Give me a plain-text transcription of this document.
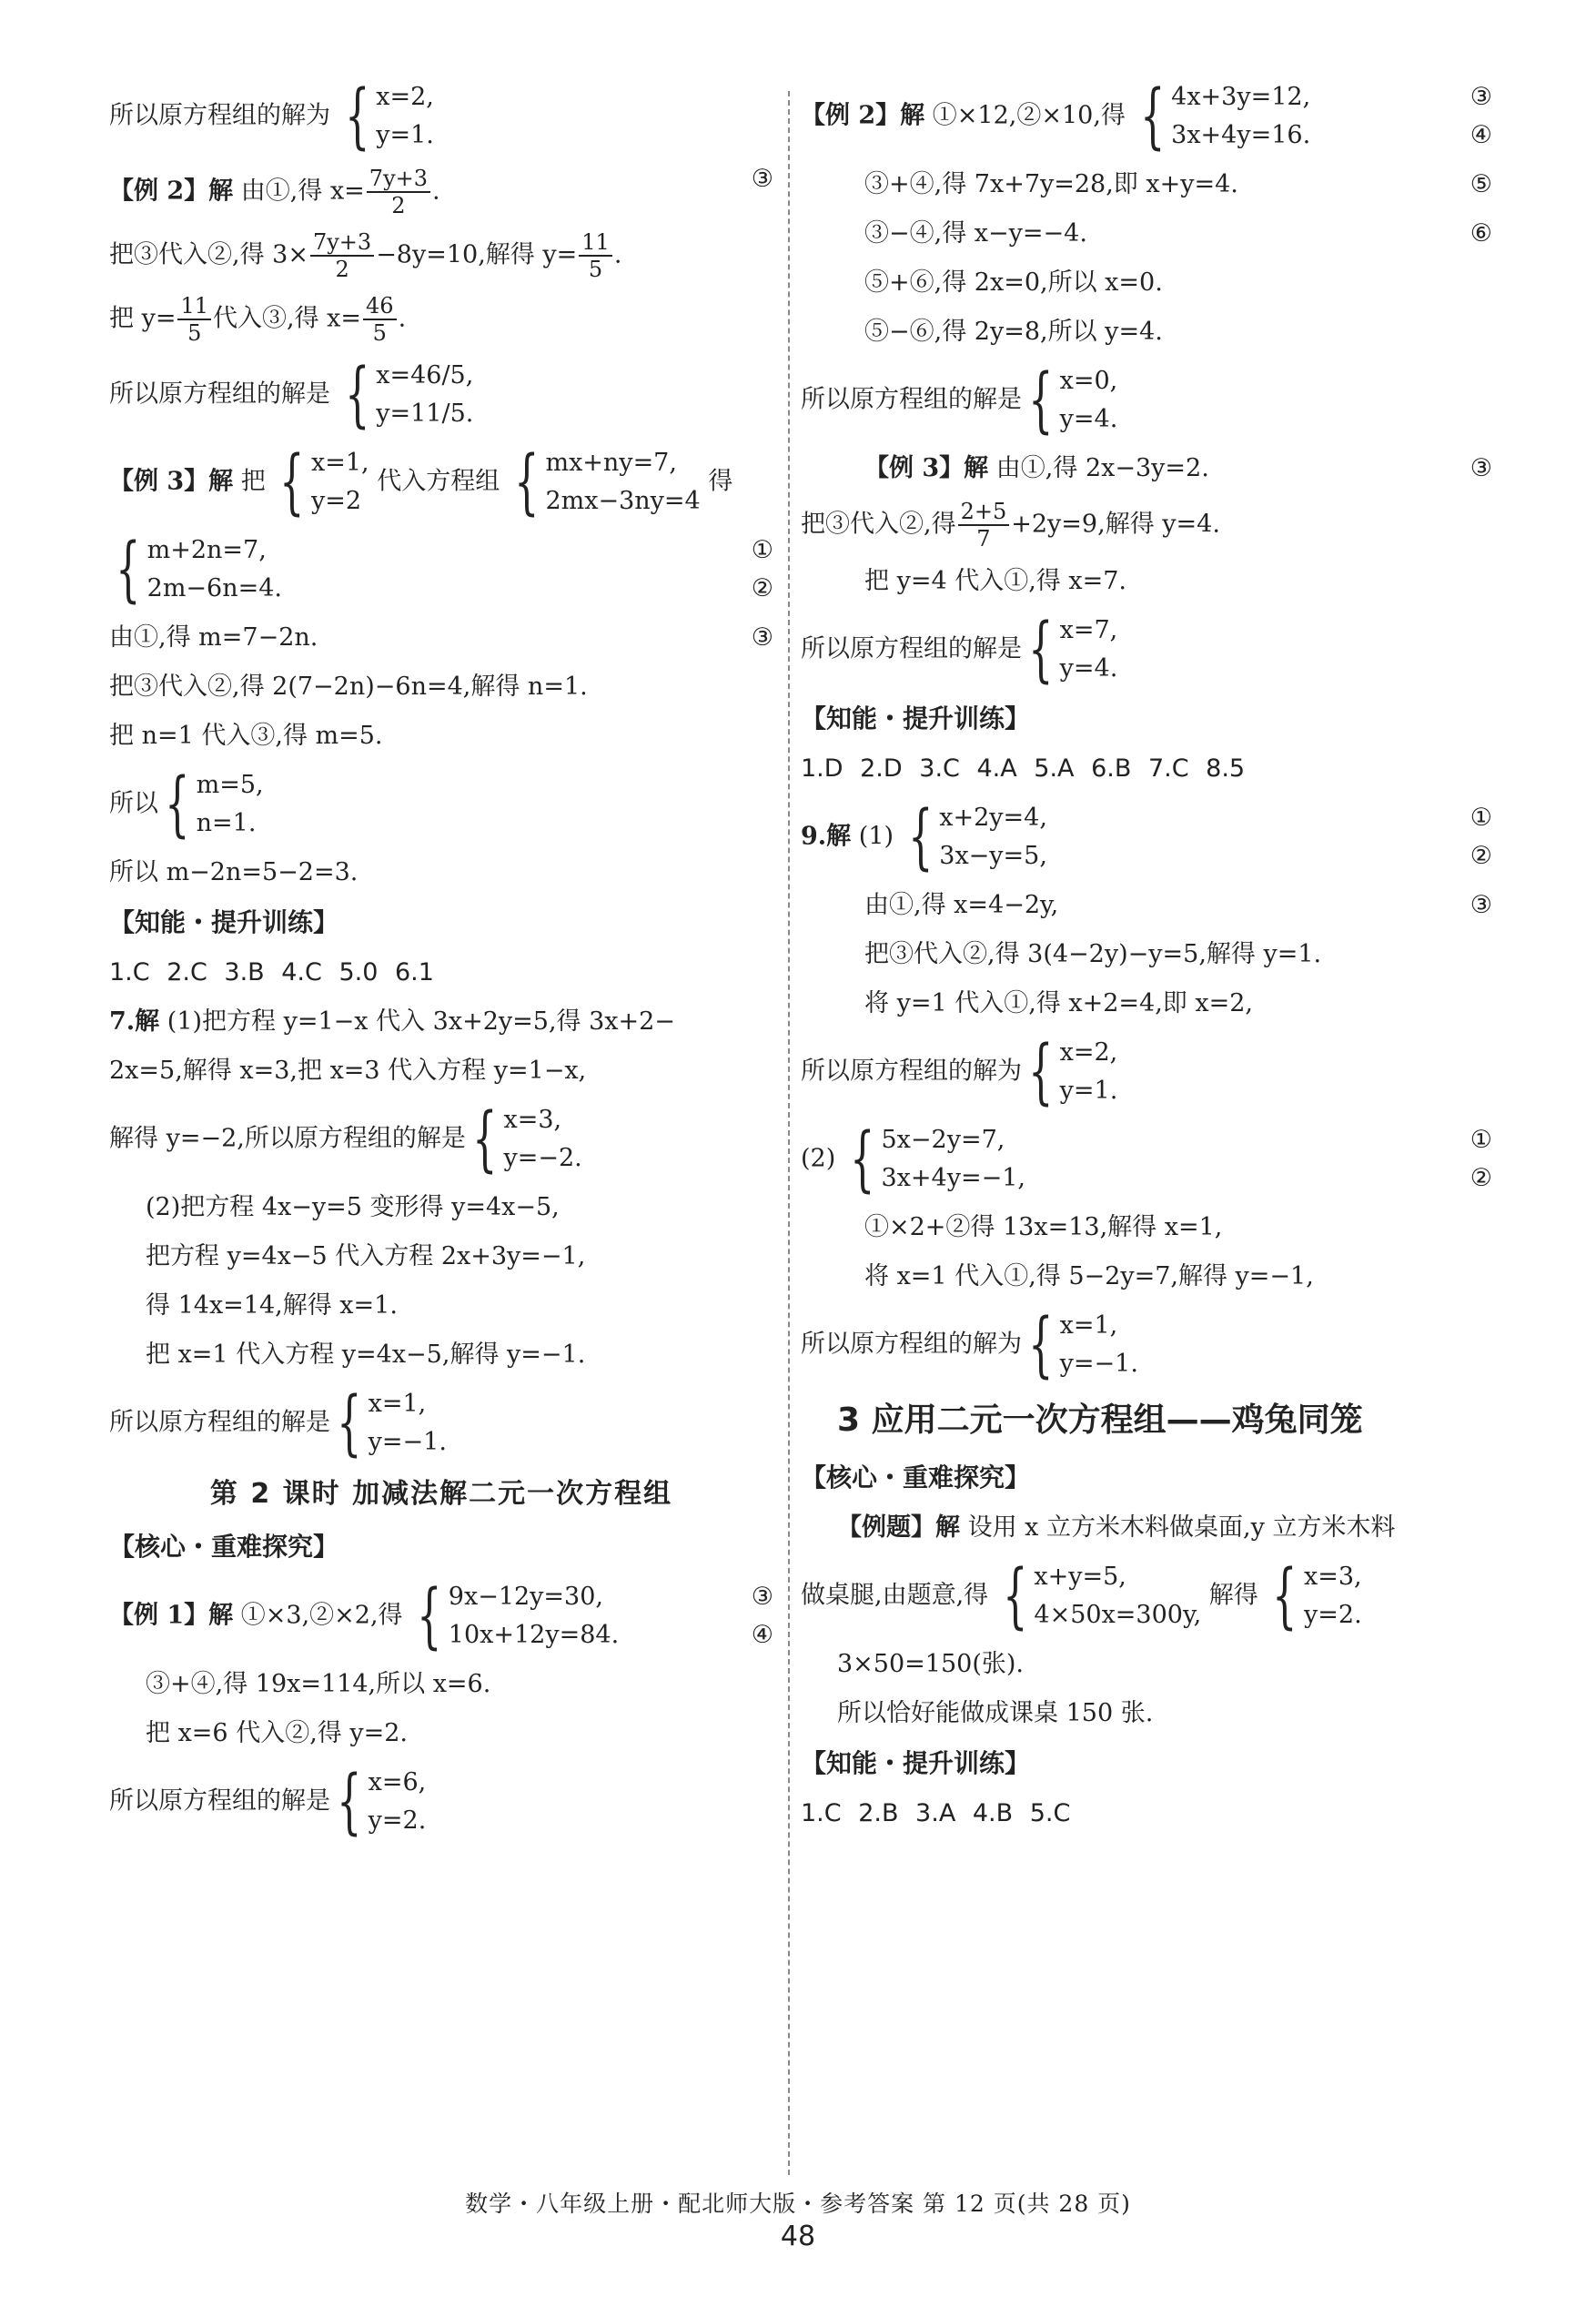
所以原方程组的解为 { x=2,
y=1.
【例 2】解 由①,得 $x= \frac{7y+3}{2}$ .	③
把③代入②,得 $3\times \frac{7y+3}{2} -8y=10$,解得 $y= \frac{11}{5}$ .
把 $y= \frac{11}{5}$ 代入③,得 $x= \frac{46}{5}$ .
所以原方程组的解是 { x=46/5,
y=11/5.
【例 3】解 把 { x=1,
y=2
代入方程组 { mx+ny=7,
2mx−3ny=4
得
{ m+2n=7,
2m−6n=4.
①
②
由①,得 m=7−2n.	③
把③代入②,得 2(7−2n)−6n=4,解得 n=1.
把 n=1 代入③,得 m=5.
所以 { m=5,
n=1.
所以 m−2n=5−2=3.
【知能・提升训练】
1.C 2.C 3.B 4.C 5.0 6.1
7.解 (1)把方程 y=1−x 代入 3x+2y=5,得 3x+2−
2x=5,解得 x=3,把 x=3 代入方程 y=1−x,
解得 y=−2,所以原方程组的解是 { x=3,
y=−2.
(2)把方程 4x−y=5 变形得 y=4x−5,
把方程 y=4x−5 代入方程 2x+3y=−1,
得 14x=14,解得 x=1.
把 x=1 代入方程 y=4x−5,解得 y=−1.
所以原方程组的解是 { x=1,
y=−1.
第 2 课时 加减法解二元一次方程组
【核心・重难探究】
【例 1】解 ①×3,②×2,得 { 9x−12y=30,
10x+12y=84.
③
④
③+④,得 19x=114,所以 x=6.
把 x=6 代入②,得 y=2.
所以原方程组的解是 { x=6,
y=2.
【例 2】解 ①×12,②×10,得 { 4x+3y=12,
3x+4y=16.
③
④
③+④,得 7x+7y=28,即 x+y=4.	⑤
③−④,得 x−y=−4.	⑥
⑤+⑥,得 2x=0,所以 x=0.
⑤−⑥,得 2y=8,所以 y=4.
所以原方程组的解是 { x=0,
y=4.
【例 3】解 由①,得 2x−3y=2.	③
把③代入②,得 $\frac{2+5}{7} +2y=9$,解得 y=4.
把 y=4 代入①,得 x=7.
所以原方程组的解是 { x=7,
y=4.
【知能・提升训练】
1.D 2.D 3.C 4.A 5.A 6.B 7.C 8.5
9.解 (1) { x+2y=4,
3x−y=5,
①
②
由①,得 x=4−2y,	③
把③代入②,得 3(4−2y)−y=5,解得 y=1.
将 y=1 代入①,得 x+2=4,即 x=2,
所以原方程组的解为 { x=2,
y=1.
(2) { 5x−2y=7,
3x+4y=−1,
①
②
①×2+②得 13x=13,解得 x=1,
将 x=1 代入①,得 5−2y=7,解得 y=−1,
所以原方程组的解为 { x=1,
y=−1.
3 应用二元一次方程组——鸡兔同笼
【核心・重难探究】
【例题】解 设用 x 立方米木料做桌面,y 立方米木料
做桌腿,由题意,得 { x+y=5,
4×50x=300y,
解得 { x=3,
y=2.
3×50=150(张).
所以恰好能做成课桌 150 张.
【知能・提升训练】
1.C 2.B 3.A 4.B 5.C
数学・八年级上册・配北师大版・参考答案 第 12 页(共 28 页)
48
